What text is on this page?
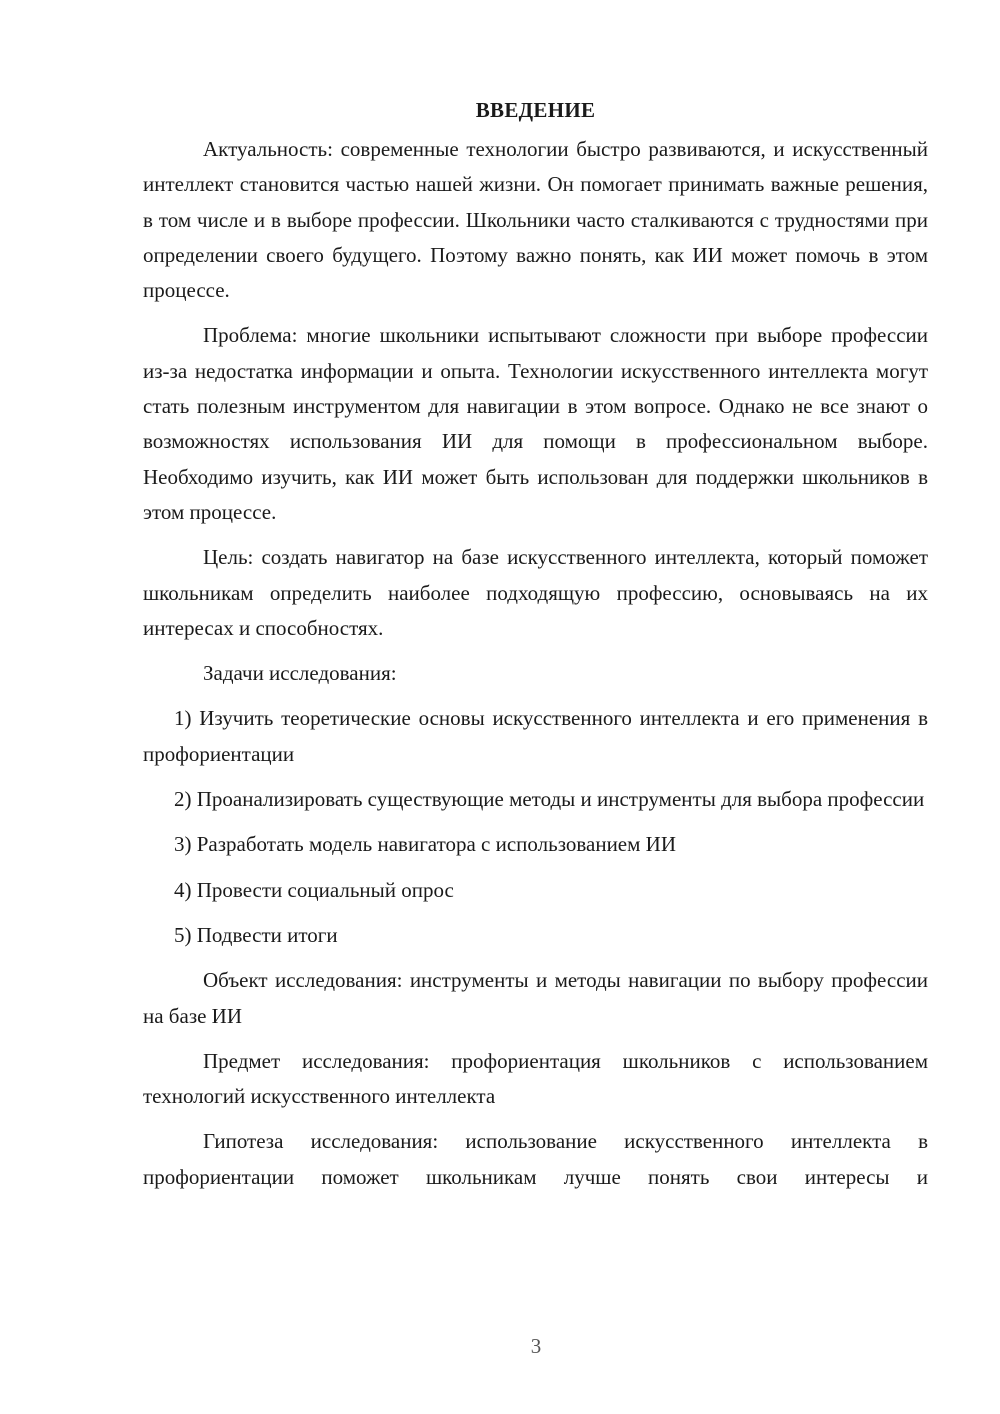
ВВЕДЕНИЕ

Актуальность: современные технологии быстро развиваются, и искусственный интеллект становится частью нашей жизни. Он помогает принимать важные решения, в том числе и в выборе профессии. Школьники часто сталкиваются с трудностями при определении своего будущего. Поэтому важно понять, как ИИ может помочь в этом процессе.

Проблема: многие школьники испытывают сложности при выборе профессии из-за недостатка информации и опыта. Технологии искусственного интеллекта могут стать полезным инструментом для навигации в этом вопросе. Однако не все знают о возможностях использования ИИ для помощи в профессиональном выборе. Необходимо изучить, как ИИ может быть использован для поддержки школьников в этом процессе.

Цель: создать навигатор на базе искусственного интеллекта, который поможет школьникам определить наиболее подходящую профессию, основываясь на их интересах и способностях.

Задачи исследования:

1) Изучить теоретические основы искусственного интеллекта и его применения в профориентации

2) Проанализировать существующие методы и инструменты для выбора профессии

3) Разработать модель навигатора с использованием ИИ

4) Провести социальный опрос

5) Подвести итоги

Объект исследования: инструменты и методы навигации по выбору профессии на базе ИИ

Предмет исследования: профориентация школьников с использованием технологий искусственного интеллекта

Гипотеза исследования: использование искусственного интеллекта в профориентации поможет школьникам лучше понять свои интересы и

3
